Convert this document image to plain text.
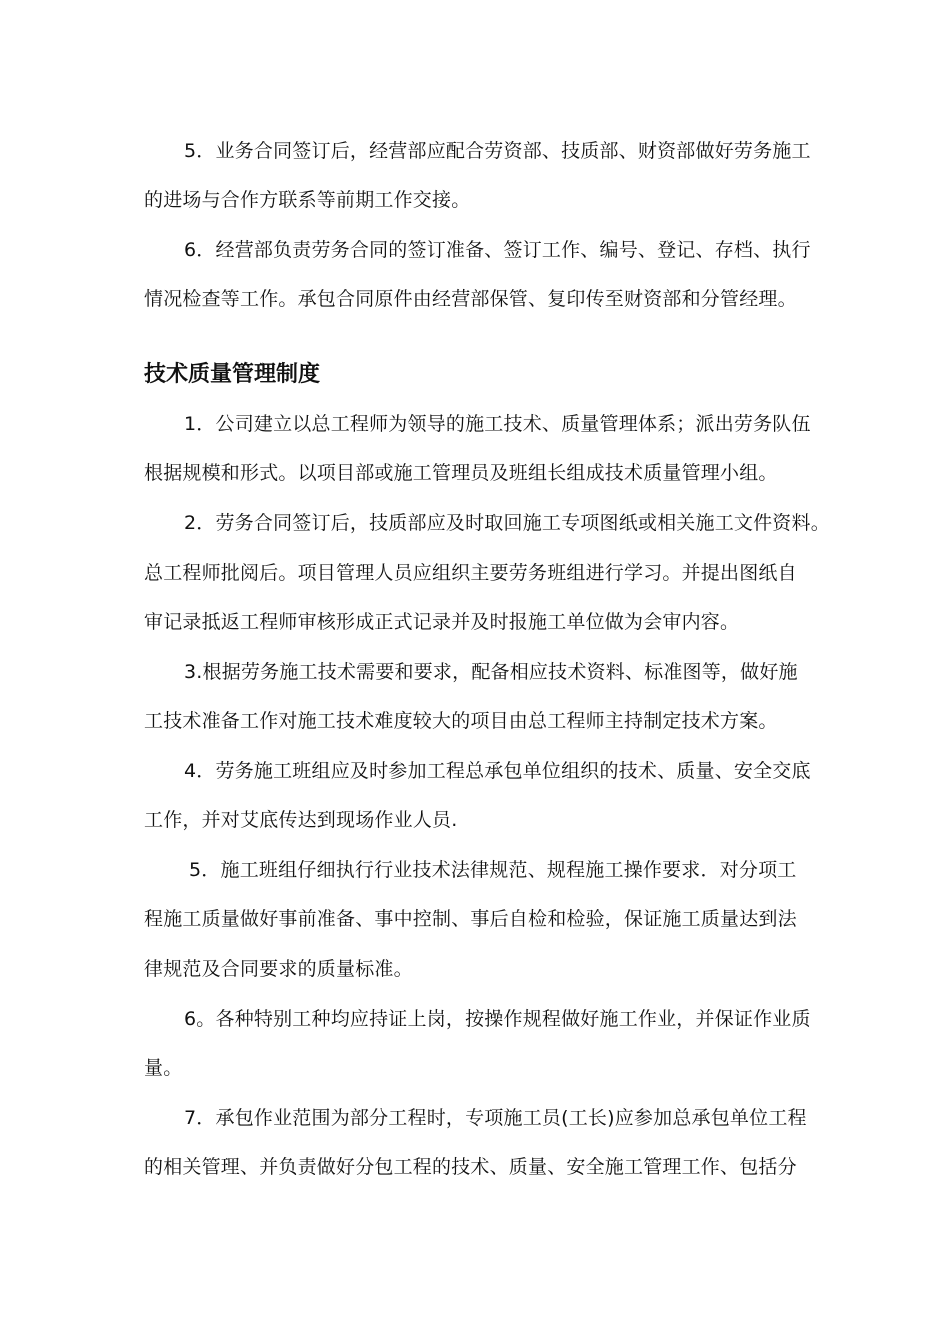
5．业务合同签订后，经营部应配合劳资部、技质部、财资部做好劳务施工
的进场与合作方联系等前期工作交接。
6．经营部负责劳务合同的签订准备、签订工作、编号、登记、存档、执行
情况检查等工作。承包合同原件由经营部保管、复印传至财资部和分管经理。
技术质量管理制度
1．公司建立以总工程师为领导的施工技术、质量管理体系；派出劳务队伍
根据规模和形式。以项目部或施工管理员及班组长组成技术质量管理小组。
2．劳务合同签订后，技质部应及时取回施工专项图纸或相关施工文件资料。
总工程师批阅后。项目管理人员应组织主要劳务班组进行学习。并提出图纸自
审记录抵返工程师审核形成正式记录并及时报施工单位做为会审内容。
3.根据劳务施工技术需要和要求，配备相应技术资料、标准图等，做好施
工技术准备工作对施工技术难度较大的项目由总工程师主持制定技术方案。
4．劳务施工班组应及时参加工程总承包单位组织的技术、质量、安全交底
工作，并对艾底传达到现场作业人员.
5．施工班组仔细执行行业技术法律规范、规程施工操作要求．对分项工
程施工质量做好事前准备、事中控制、事后自检和检验，保证施工质量达到法
律规范及合同要求的质量标准。
6。各种特别工种均应持证上岗，按操作规程做好施工作业，并保证作业质
量。
7．承包作业范围为部分工程时，专项施工员(工长)应参加总承包单位工程
的相关管理、并负责做好分包工程的技术、质量、安全施工管理工作、包括分
